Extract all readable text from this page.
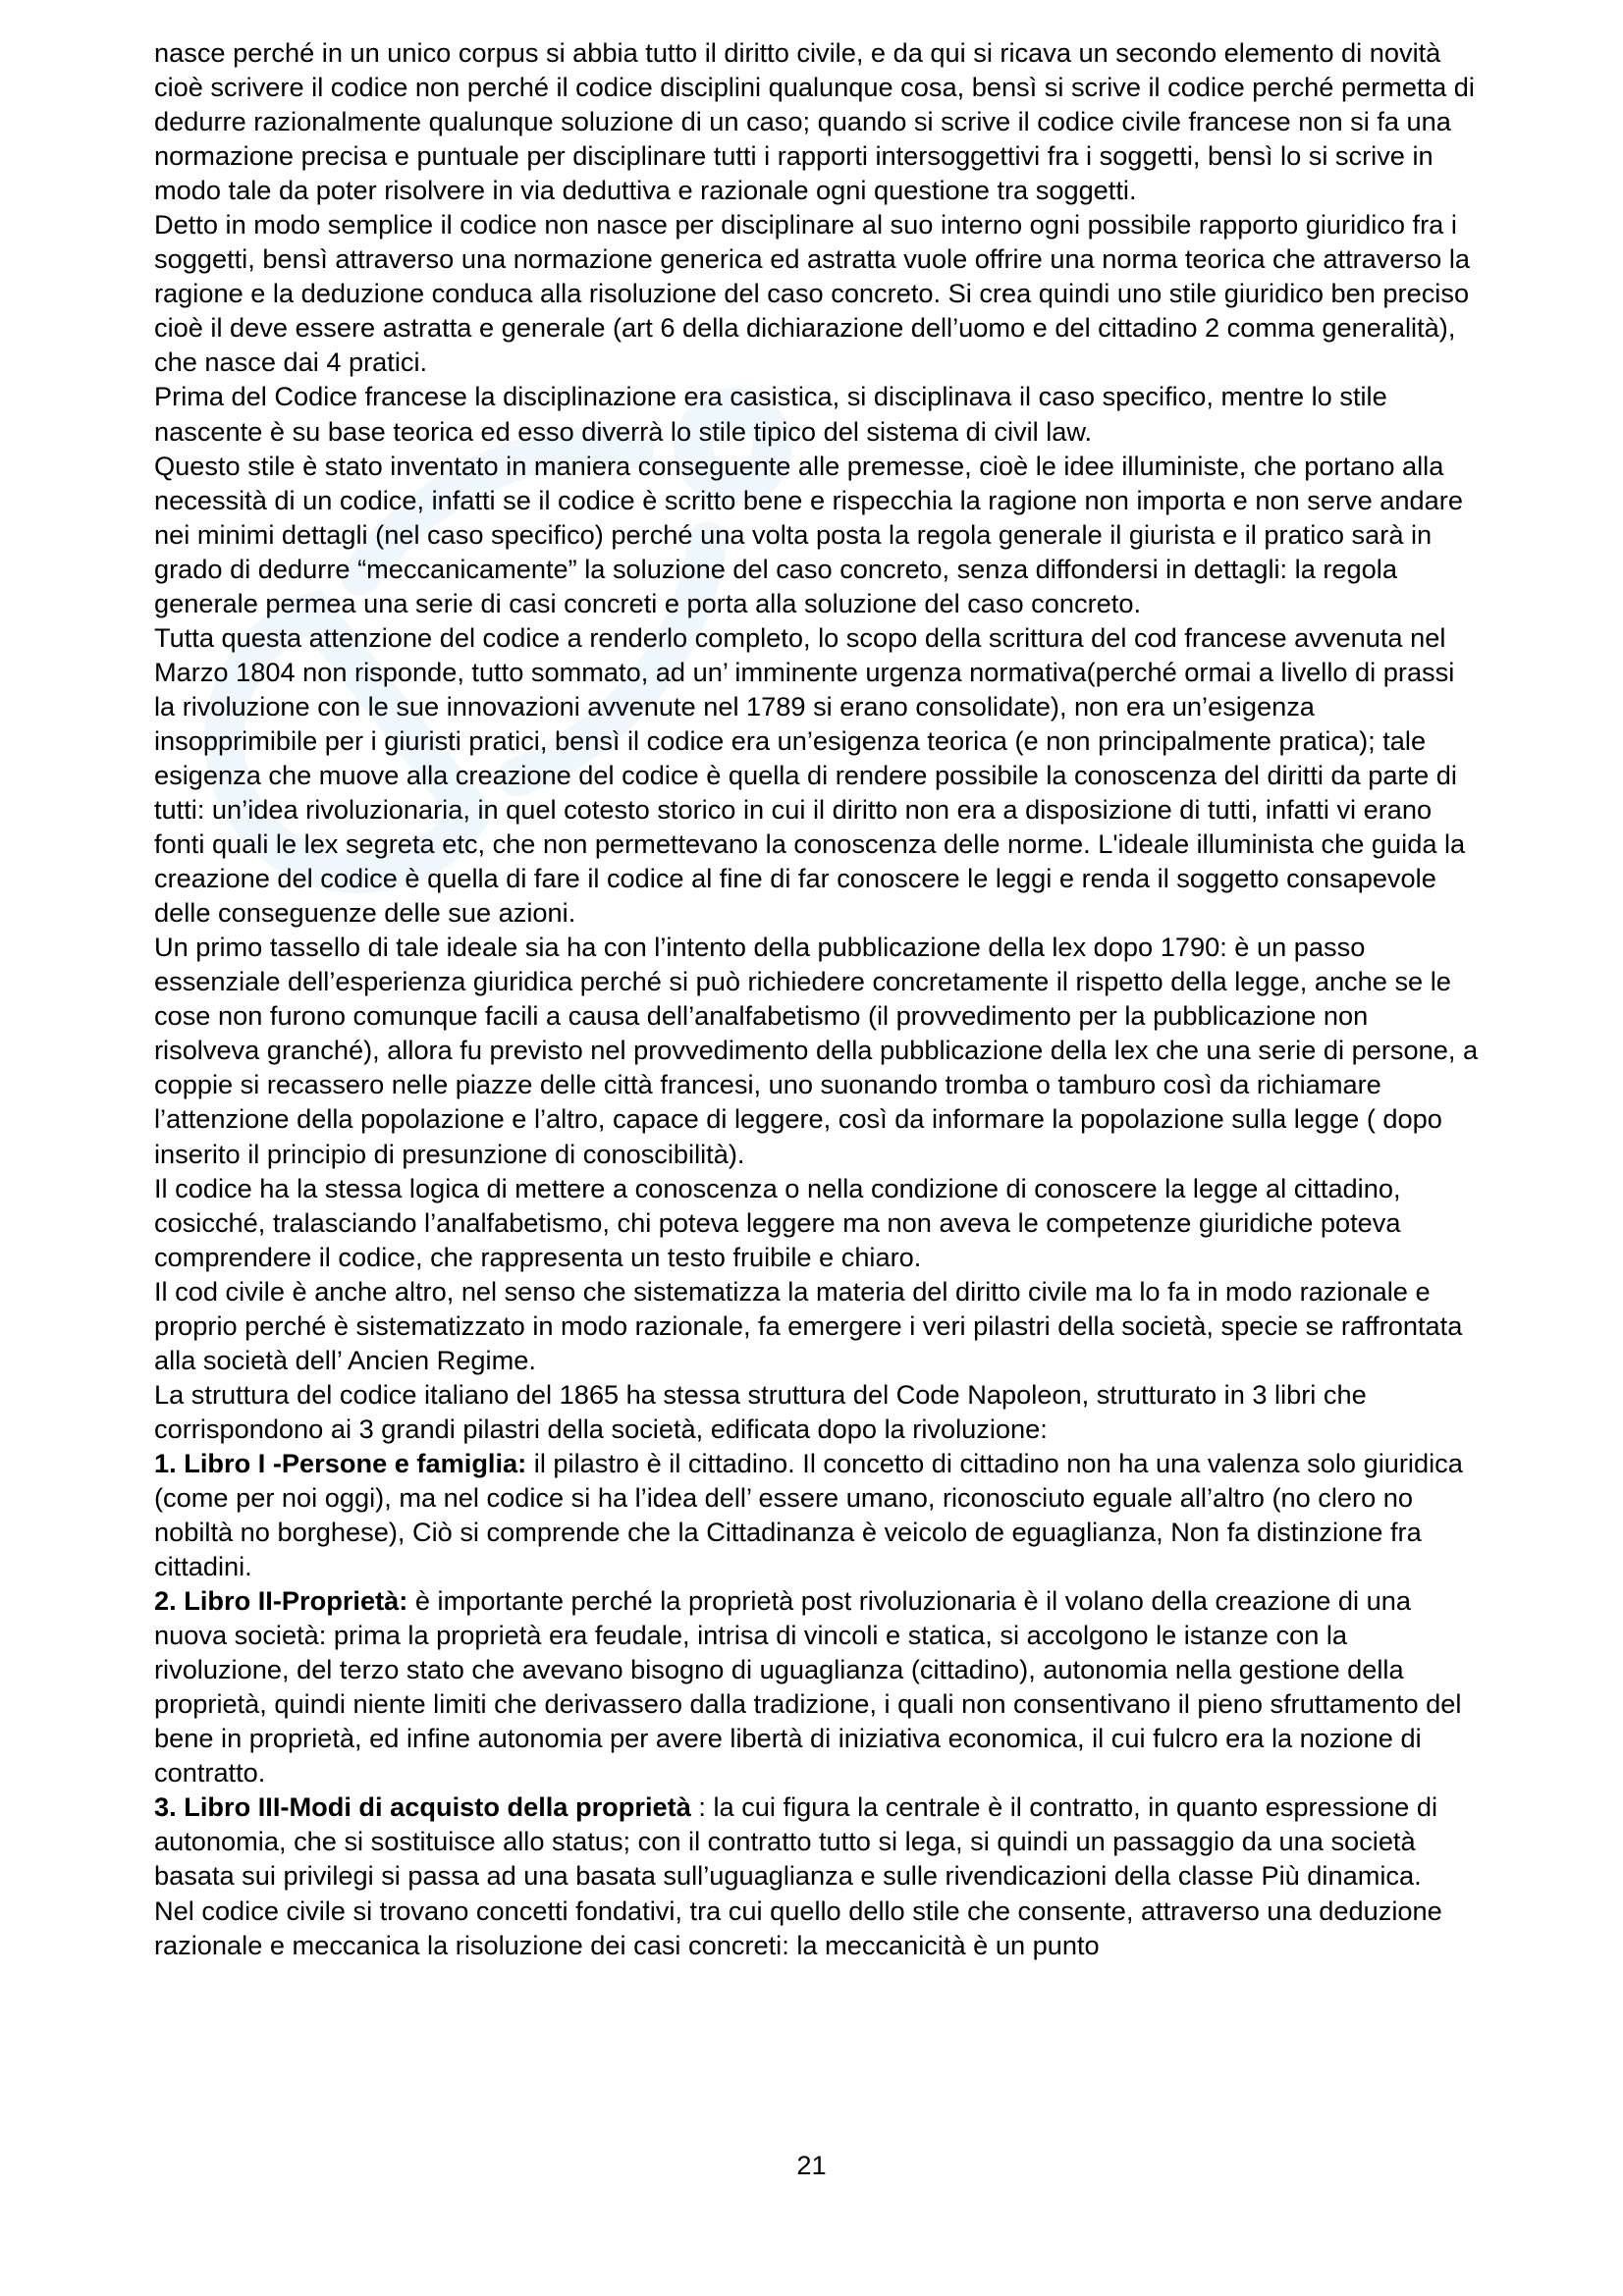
nasce perché in un unico corpus si abbia tutto il diritto civile, e da qui si ricava un secondo elemento di novità cioè scrivere il codice non perché il codice disciplini qualunque cosa, bensì si scrive il codice perché permetta di dedurre razionalmente qualunque soluzione di un caso; quando si scrive il codice civile francese non si fa una normazione precisa e puntuale per disciplinare tutti i rapporti intersoggettivi fra i soggetti, bensì lo si scrive in modo tale da poter risolvere in via deduttiva e razionale ogni questione tra soggetti.

Detto in modo semplice il codice non nasce per disciplinare al suo interno ogni possibile rapporto giuridico fra i soggetti, bensì attraverso una normazione generica ed astratta vuole offrire una norma teorica che attraverso la ragione e la deduzione conduca alla risoluzione del caso concreto. Si crea quindi uno stile giuridico ben preciso cioè il deve essere astratta e generale (art 6 della dichiarazione dell’uomo e del cittadino 2 comma generalità), che nasce dai 4 pratici.

Prima del Codice francese la disciplinazione era casistica, si disciplinava il caso specifico, mentre lo stile nascente è su base teorica ed esso diverrà lo stile tipico del sistema di civil law.

Questo stile è stato inventato in maniera conseguente alle premesse, cioè le idee illuministe, che portano alla necessità di un codice, infatti se il codice è scritto bene e rispecchia la ragione non importa e non serve andare nei minimi dettagli (nel caso specifico) perché una volta posta la regola generale il giurista e il pratico sarà in grado di dedurre “meccanicamente” la soluzione del caso concreto, senza diffondersi in dettagli: la regola generale permea una serie di casi concreti e porta alla soluzione del caso concreto.

Tutta questa attenzione del codice a renderlo completo, lo scopo della scrittura del cod francese avvenuta nel Marzo 1804 non risponde, tutto sommato, ad un’ imminente urgenza normativa(perché ormai a livello di prassi la rivoluzione con le sue innovazioni avvenute nel 1789 si erano consolidate), non era un’esigenza insopprimibile per i giuristi pratici, bensì il codice era un’esigenza teorica (e non principalmente pratica); tale esigenza che muove alla creazione del codice è quella di rendere possibile la conoscenza del diritti da parte di tutti: un’idea rivoluzionaria, in quel cotesto storico in cui il diritto non era a disposizione di tutti, infatti vi erano fonti quali le lex segreta etc, che non permettevano la conoscenza delle norme. L'ideale illuminista che guida la creazione del codice è quella di fare il codice al fine di far conoscere le leggi e renda il soggetto consapevole delle conseguenze delle sue azioni.

Un primo tassello di tale ideale sia ha con l’intento della pubblicazione della lex dopo 1790: è un passo essenziale dell’esperienza giuridica perché si può richiedere concretamente il rispetto della legge, anche se le cose non furono comunque facili a causa dell’analfabetismo (il provvedimento per la pubblicazione non risolveva granché), allora fu previsto nel provvedimento della pubblicazione della lex che una serie di persone, a coppie si recassero nelle piazze delle città francesi, uno suonando tromba o tamburo così da richiamare l’attenzione della popolazione e l’altro, capace di leggere, così da informare la popolazione sulla legge ( dopo inserito il principio di presunzione di conoscibilità).

Il codice ha la stessa logica di mettere a conoscenza o nella condizione di conoscere la legge al cittadino, cosicché, tralasciando l’analfabetismo, chi poteva leggere ma non aveva le competenze giuridiche poteva comprendere il codice, che rappresenta un testo fruibile e chiaro.

Il cod civile è anche altro, nel senso che sistematizza la materia del diritto civile ma lo fa in modo razionale e proprio perché è sistematizzato in modo razionale, fa emergere i veri pilastri della società, specie se raffrontata alla società dell’ Ancien Regime.

La struttura del codice italiano del 1865 ha stessa struttura del Code Napoleon, strutturato in 3 libri che corrispondono ai 3 grandi pilastri della società, edificata dopo la rivoluzione:

1. Libro I -Persone e famiglia: il pilastro è il cittadino. Il concetto di cittadino non ha una valenza solo giuridica (come per noi oggi), ma nel codice si ha l’idea dell’ essere umano, riconosciuto eguale all’altro (no clero no nobiltà no borghese), Ciò si comprende che la Cittadinanza è veicolo de eguaglianza, Non fa distinzione fra cittadini.

2. Libro II-Proprietà: è importante perché la proprietà post rivoluzionaria è il volano della creazione di una nuova società: prima la proprietà era feudale, intrisa di vincoli e statica, si accolgono le istanze con la rivoluzione, del terzo stato che avevano bisogno di uguaglianza (cittadino), autonomia nella gestione della proprietà, quindi niente limiti che derivassero dalla tradizione, i quali non consentivano il pieno sfruttamento del bene in proprietà, ed infine autonomia per avere libertà di iniziativa economica, il cui fulcro era la nozione di contratto.

3. Libro III-Modi di acquisto della proprietà : la cui figura la centrale è il contratto, in quanto espressione di autonomia, che si sostituisce allo status; con il contratto tutto si lega, si quindi un passaggio da una società basata sui privilegi si passa ad una basata sull’uguaglianza e sulle rivendicazioni della classe Più dinamica.

Nel codice civile si trovano concetti fondativi, tra cui quello dello stile che consente, attraverso una deduzione razionale e meccanica la risoluzione dei casi concreti: la meccanicità è un punto

21
